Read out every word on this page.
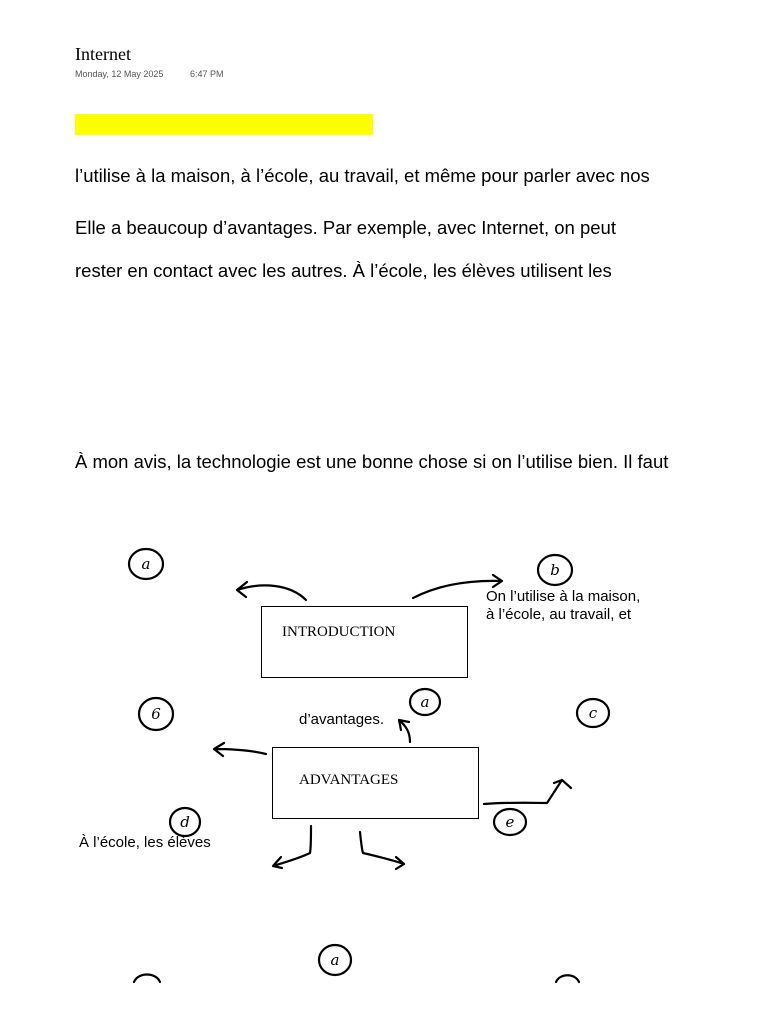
Internet
Monday, 12 May 2025	6:47 PM
l’utilise à la maison, à l’école, au travail, et même pour parler avec nos
Elle a beaucoup d’avantages. Par exemple, avec Internet, on peut
rester en contact avec les autres. À l’école, les élèves utilisent les
À mon avis, la technologie est une bonne chose si on l’utilise bien. Il faut
INTRODUCTION
ADVANTAGES
On l’utilise à la maison,
à l’école, au travail, et
d’avantages.
À l’école, les élèves
a	b
6
a
c
d	e
a
